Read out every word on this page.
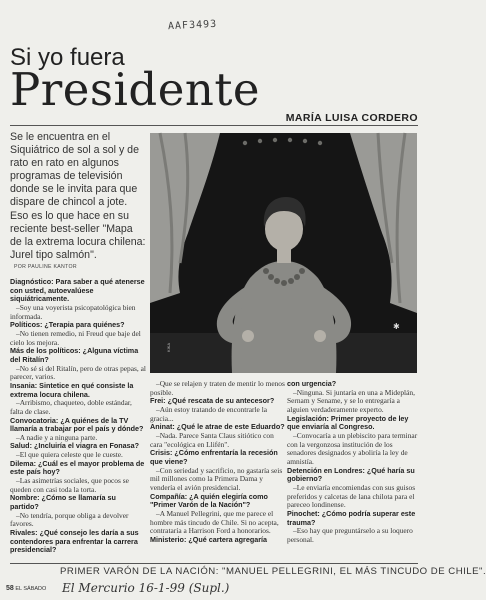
AAF3493
Si yo fuera
Presidente
MARÍA LUISA CORDERO

Se le encuentra en el Siquiátrico de sol a sol y de rato en rato en algunos programas de televisión donde se le invita para que dispare de chincol a jote. Eso es lo que hace en su reciente best-seller "Mapa de la extrema locura chilena: Jurel tipo salmón".

POR PAULINE KANTOR
✱
KIKA
Diagnóstico: Para saber a qué atenerse con usted, autoevalúese siquiátricamente.
–Soy una voyerista psicopatológica bien informada.
Políticos: ¿Terapia para quiénes?
–No tienen remedio, ni Freud que baje del cielo los mejora.
Más de los políticos: ¿Alguna víctima del Ritalín?
–No sé si del Ritalín, pero de otras pepas, al parecer, varios.
Insania: Sintetice en qué consiste la extrema locura chilena.
–Arribismo, chaqueteo, doble estándar, falta de clase.
Convocatoria: ¿A quiénes de la TV llamaría a trabajar por el país y dónde?
–A nadie y a ninguna parte.
Salud: ¿Incluiría el viagra en Fonasa?
–El que quiera celeste que le cueste.
Dilema: ¿Cuál es el mayor problema de este país hoy?
–Las asimetrías sociales, que pocos se queden con casi toda la torta.
Nombre: ¿Cómo se llamaría su partido?
–No tendría, porque obliga a devolver favores.
Rivales: ¿Qué consejo les daría a sus contendores para enfrentar la carrera presidencial?
–Que se relajen y traten de mentir lo menos posible.
Frei: ¿Qué rescata de su antecesor?
–Aún estoy tratando de encontrarle la gracia...
Aninat: ¿Qué le atrae de este Eduardo?
–Nada. Parece Santa Claus sitiótico con cara "ecológica en Llifén".
Crisis: ¿Cómo enfrentaría la recesión que viene?
–Con seriedad y sacrificio, no gastaría seis mil millones como la Primera Dama y vendería el avión presidencial.
Compañía: ¿A quién elegiría como "Primer Varón de la Nación"?
–A Manuel Pellegrini, que me parece el hombre más tincudo de Chile. Si no acepta, contrataría a Harrison Ford a honorarios.
Ministerio: ¿Qué cartera agregaría
con urgencia?
–Ninguna. Si juntaría en una a Mideplán, Sernam y Sename, y se lo entregaría a alguien verdaderamente experto.
Legislación: Primer proyecto de ley que enviaría al Congreso.
–Convocaría a un plebiscito para terminar con la vergonzosa institución de los senadores designados y aboliría la ley de amnistía.
Detención en Londres: ¿Qué haría su gobierno?
–Le enviaría encomiendas con sus guisos preferidos y calcetas de lana chilota para el pareceo londinense.
Pinochet: ¿Cómo podría superar este trauma?
–Eso hay que preguntárselo a su loquero personal.
PRIMER VARÓN DE LA NACIÓN: "MANUEL PELLEGRINI, EL MÁS TINCUDO DE CHILE".
El Mercurio 16-1-99 (Supl.)
58 EL SÁBADO
